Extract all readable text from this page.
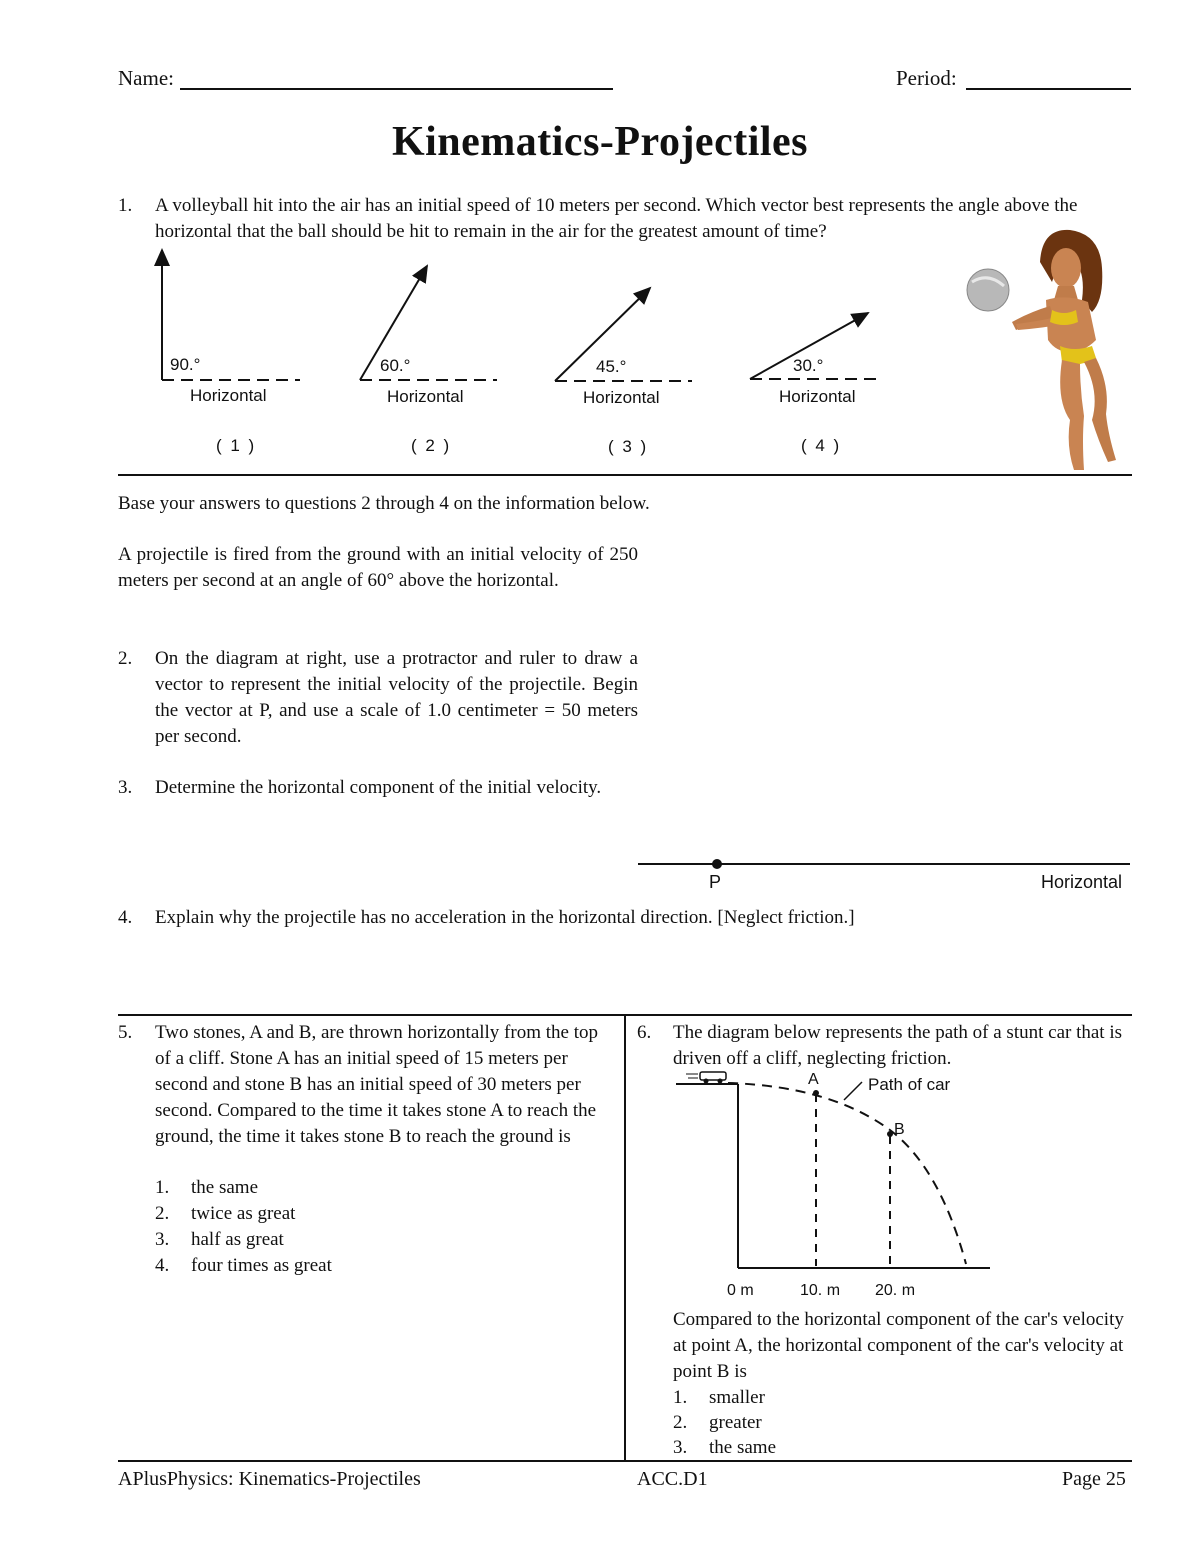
Name:	Period:
Kinematics-Projectiles
1. A volleyball hit into the air has an initial speed of 10 meters per second. Which vector best represents the angle above the horizontal that the ball should be hit to remain in the air for the greatest amount of time?
90.°
Horizontal
( 1 )
60.°
Horizontal
( 2 )
45.°
Horizontal
( 3 )
30.°
Horizontal
( 4 )
Base your answers to questions 2 through 4 on the information below.
A projectile is fired from the ground with an initial velocity of 250 meters per second at an angle of 60° above the horizontal.
2. On the diagram at right, use a protractor and ruler to draw a vector to represent the initial velocity of the projectile. Begin the vector at P, and use a scale of 1.0 centimeter = 50 meters per second.
3. Determine the horizontal component of the initial velocity.
P	Horizontal
4. Explain why the projectile has no acceleration in the horizontal direction. [Neglect friction.]
5. Two stones, A and B, are thrown horizontally from the top of a cliff. Stone A has an initial speed of 15 meters per second and stone B has an initial speed of 30 meters per second. Compared to the time it takes stone A to reach the ground, the time it takes stone B to reach the ground is
1. the same
2. twice as great
3. half as great
4. four times as great
6. The diagram below represents the path of a stunt car that is driven off a cliff, neglecting friction.
A	Path of car
B
0 m	10. m 20. m
Compared to the horizontal component of the car's velocity at point A, the horizontal component of the car's velocity at point B is
1. smaller
2. greater
3. the same
APlusPhysics: Kinematics-Projectiles	ACC.D1	Page 25
